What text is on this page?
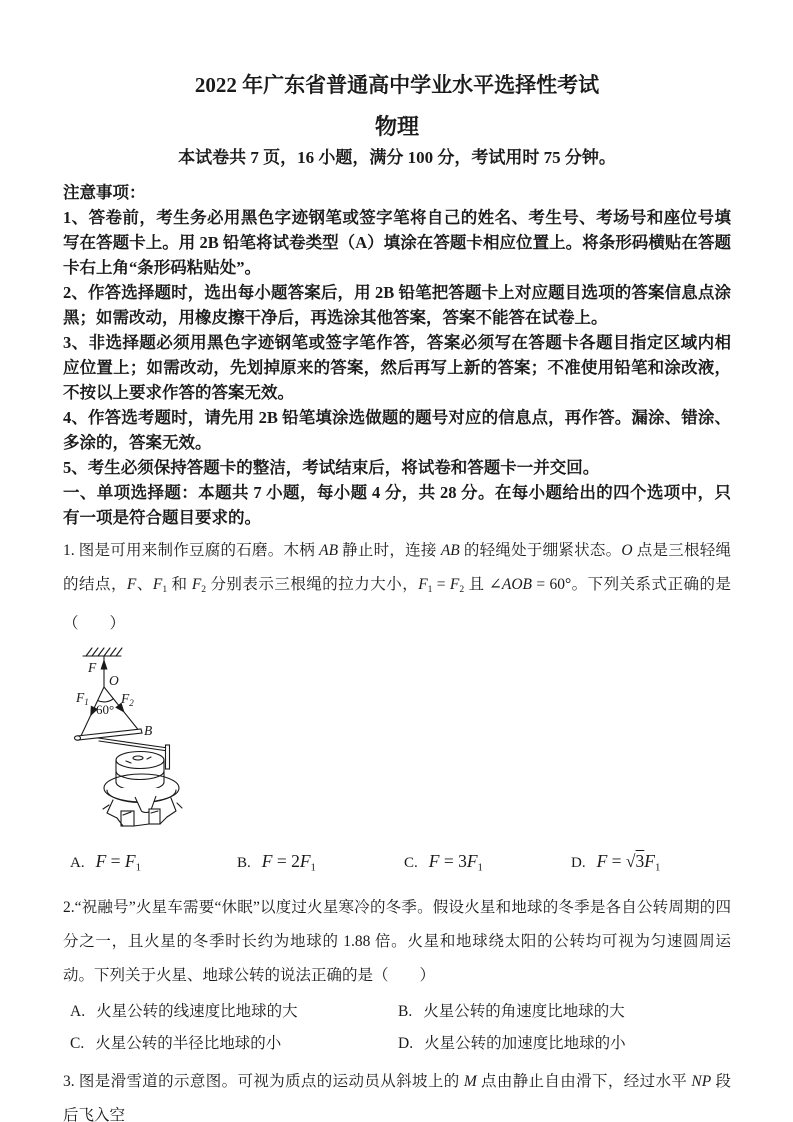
2022 年广东省普通高中学业水平选择性考试
物理
本试卷共 7 页，16 小题，满分 100 分，考试用时 75 分钟。
注意事项：

1、答卷前，考生务必用黑色字迹钢笔或签字笔将自己的姓名、考生号、考场号和座位号填写在答题卡上。用 2B 铅笔将试卷类型（A）填涂在答题卡相应位置上。将条形码横贴在答题卡右上角“条形码粘贴处”。

2、作答选择题时，选出每小题答案后，用 2B 铅笔把答题卡上对应题目选项的答案信息点涂黑；如需改动，用橡皮擦干净后，再选涂其他答案，答案不能答在试卷上。

3、非选择题必须用黑色字迹钢笔或签字笔作答，答案必须写在答题卡各题目指定区域内相应位置上；如需改动，先划掉原来的答案，然后再写上新的答案；不准使用铅笔和涂改液，不按以上要求作答的答案无效。

4、作答选考题时，请先用 2B 铅笔填涂选做题的题号对应的信息点，再作答。漏涂、错涂、多涂的，答案无效。

5、考生必须保持答题卡的整洁，考试结束后，将试卷和答题卡一并交回。

一、单项选择题：本题共 7 小题，每小题 4 分，共 28 分。在每小题给出的四个选项中，只有一项是符合题目要求的。

1. 图是可用来制作豆腐的石磨。木柄 AB 静止时，连接 AB 的轻绳处于绷紧状态。O 点是三根轻绳的结点，F、F1 和 F2 分别表示三根绳的拉力大小，F1 = F2 且 ∠AOB = 60°。下列关系式正确的是（　　）

F
O
$F_1$ $F_2$
60°
B
A. F = F1	B. F = 2F1	C. F = 3F1	D. F = √3F1

2.“祝融号”火星车需要“休眠”以度过火星寒冷的冬季。假设火星和地球的冬季是各自公转周期的四分之一，且火星的冬季时长约为地球的 1.88 倍。火星和地球绕太阳的公转均可视为匀速圆周运动。下列关于火星、地球公转的说法正确的是（　　）

A. 火星公转的线速度比地球的大	B. 火星公转的角速度比地球的大
C. 火星公转的半径比地球的小	D. 火星公转的加速度比地球的小

3. 图是滑雪道的示意图。可视为质点的运动员从斜坡上的 M 点由静止自由滑下，经过水平 NP 段后飞入空
